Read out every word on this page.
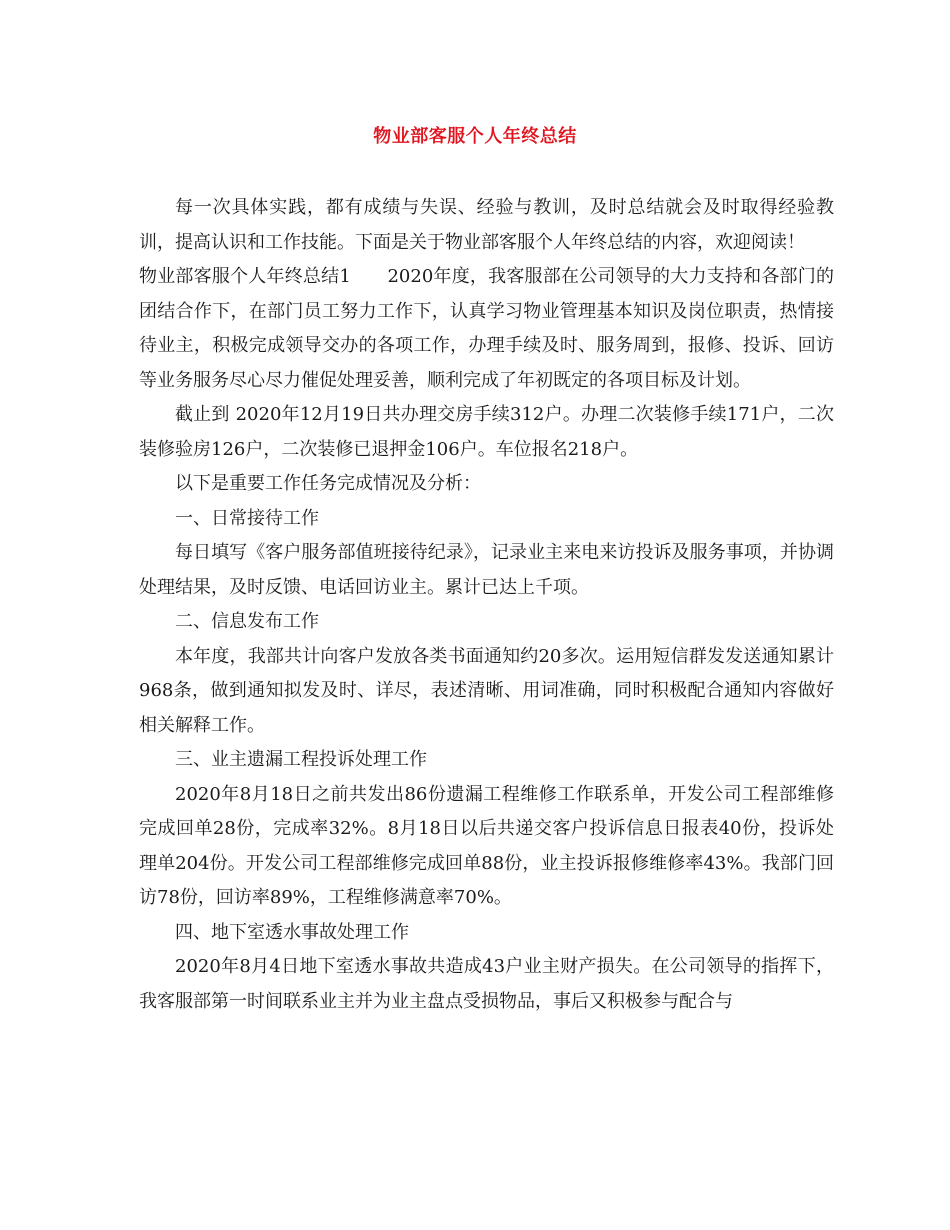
物业部客服个人年终总结

每一次具体实践，都有成绩与失误、经验与教训，及时总结就会及时取得经验教训，提高认识和工作技能。下面是关于物业部客服个人年终总结的内容，欢迎阅读！

物业部客服个人年终总结1　　2020年度，我客服部在公司领导的大力支持和各部门的团结合作下，在部门员工努力工作下，认真学习物业管理基本知识及岗位职责，热情接待业主，积极完成领导交办的各项工作，办理手续及时、服务周到，报修、投诉、回访等业务服务尽心尽力催促处理妥善，顺利完成了年初既定的各项目标及计划。

截止到 2020年12月19日共办理交房手续312户。办理二次装修手续171户，二次装修验房126户，二次装修已退押金106户。车位报名218户。

以下是重要工作任务完成情况及分析：

一、日常接待工作

每日填写《客户服务部值班接待纪录》，记录业主来电来访投诉及服务事项，并协调处理结果，及时反馈、电话回访业主。累计已达上千项。

二、信息发布工作

本年度，我部共计向客户发放各类书面通知约20多次。运用短信群发发送通知累计968条，做到通知拟发及时、详尽，表述清晰、用词准确，同时积极配合通知内容做好相关解释工作。

三、业主遗漏工程投诉处理工作

2020年8月18日之前共发出86份遗漏工程维修工作联系单，开发公司工程部维修完成回单28份，完成率32%。8月18日以后共递交客户投诉信息日报表40份，投诉处理单204份。开发公司工程部维修完成回单88份，业主投诉报修维修率43%。我部门回访78份，回访率89%，工程维修满意率70%。

四、地下室透水事故处理工作

2020年8月4日地下室透水事故共造成43户业主财产损失。在公司领导的指挥下，我客服部第一时间联系业主并为业主盘点受损物品，事后又积极参与配合与
